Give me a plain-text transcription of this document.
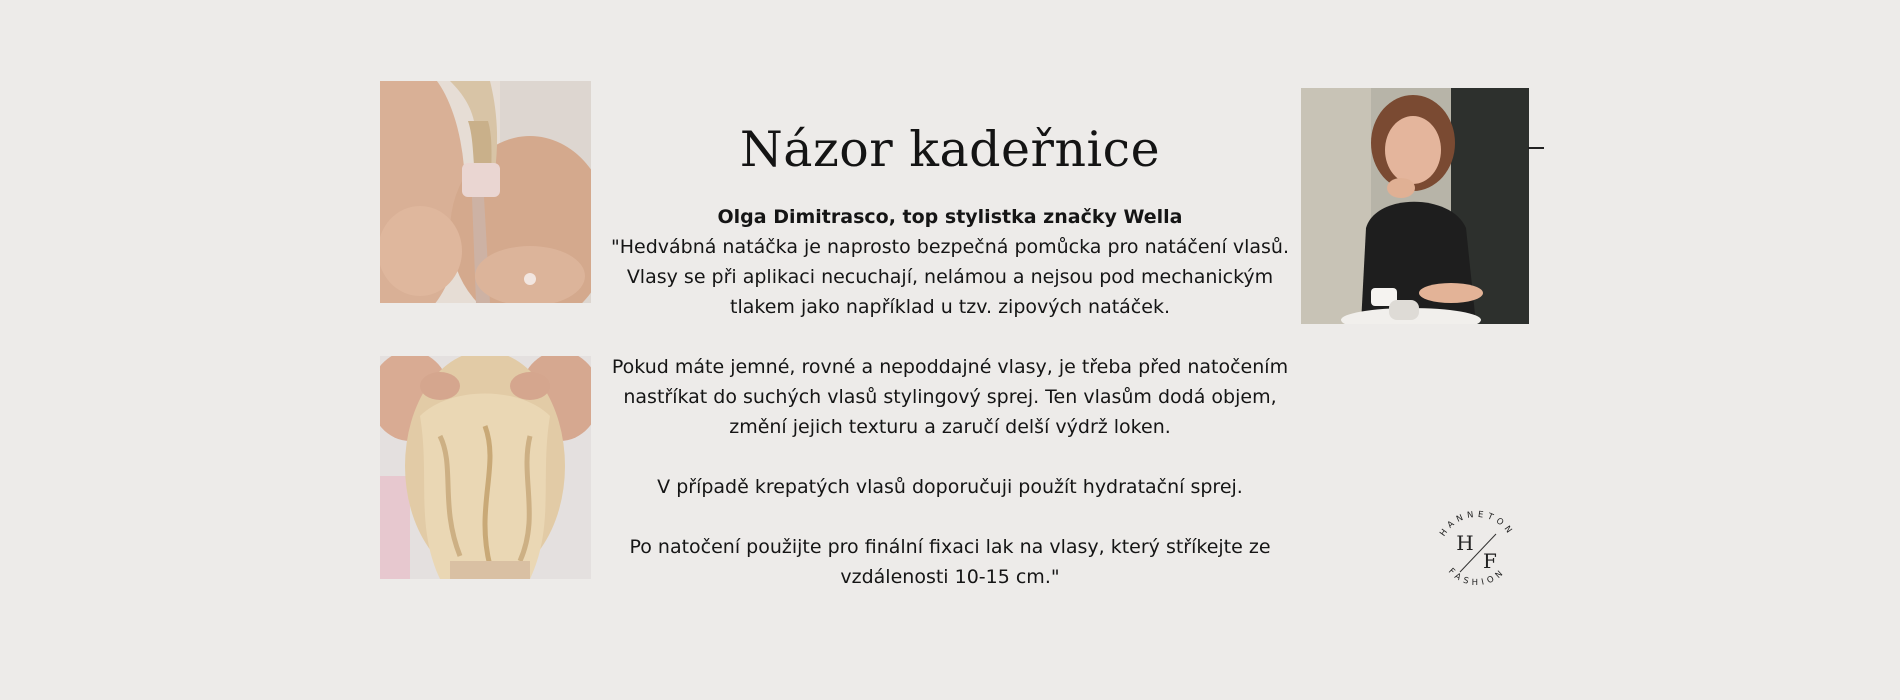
Názor kadeřnice

Olga Dimitrasco, top stylistka značky Wella

"Hedvábná natáčka je naprosto bezpečná pomůcka pro natáčení vlasů. Vlasy se při aplikaci necuchají, nelámou a nejsou pod mechanickým tlakem jako například u tzv. zipových natáček.

Pokud máte jemné, rovné a nepoddajné vlasy, je třeba před natočením nastříkat do suchých vlasů stylingový sprej. Ten vlasům dodá objem, změní jejich texturu a zaručí delší výdrž loken.

V případě krepatých vlasů doporučuji použít hydratační sprej.

Po natočení použijte pro finální fixaci lak na vlasy, který stříkejte ze vzdálenosti 10-15 cm."

HANNETON
FASHION
H
F
